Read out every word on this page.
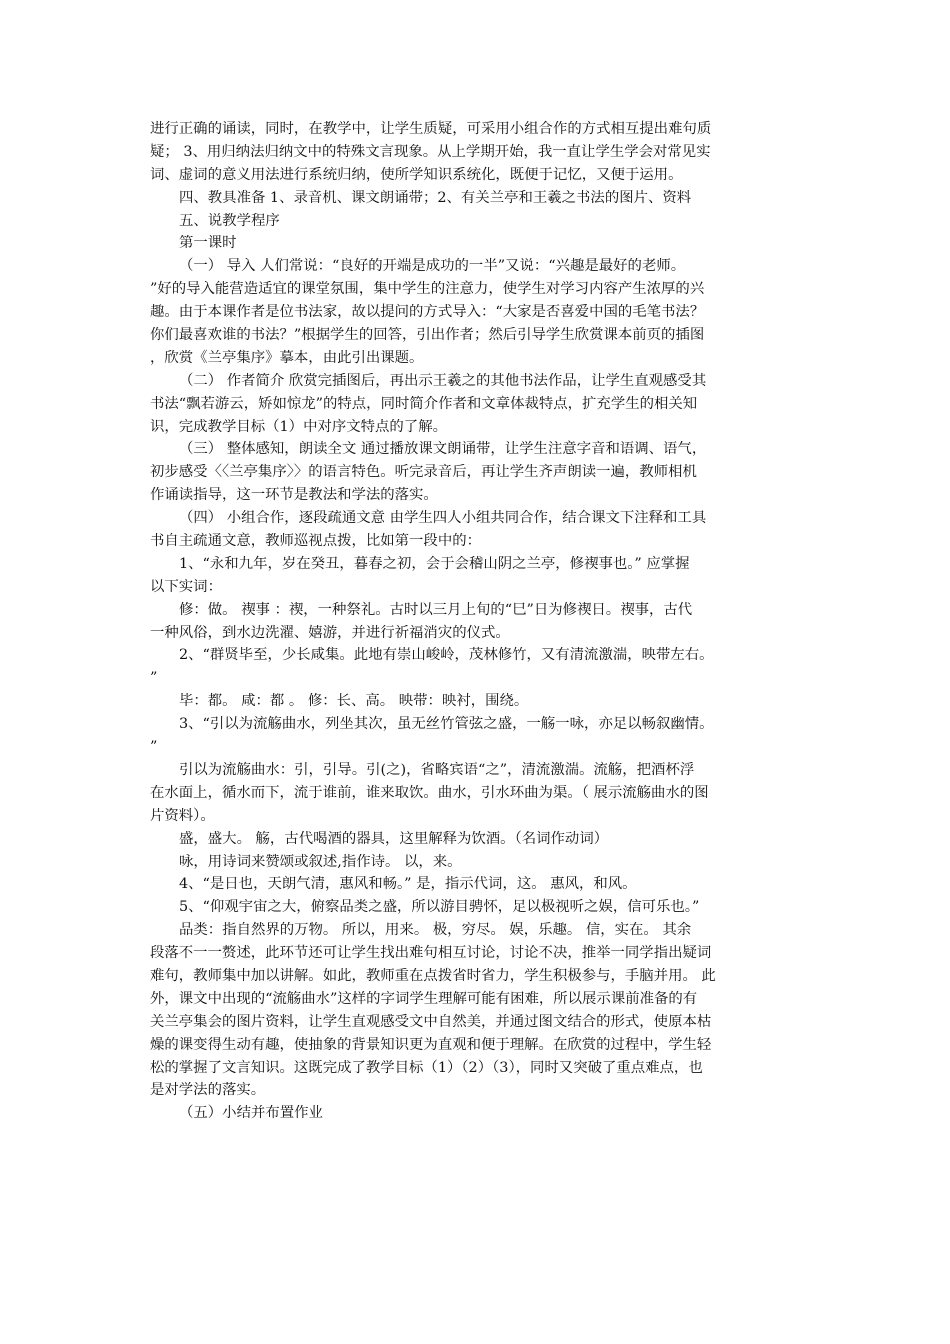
进行正确的诵读，同时，在教学中，让学生质疑，可采用小组合作的方式相互提出难句质
疑； 3、用归纳法归纳文中的特殊文言现象。从上学期开始，我一直让学生学会对常见实
词、虚词的意义用法进行系统归纳，使所学知识系统化，既便于记忆，又便于运用。
四、教具准备 1、录音机、课文朗诵带；2、有关兰亭和王羲之书法的图片、资料
五、说教学程序
第一课时
（一） 导入 人们常说：“良好的开端是成功的一半”又说：“兴趣是最好的老师。
”好的导入能营造适宜的课堂氛围，集中学生的注意力，使学生对学习内容产生浓厚的兴
趣。由于本课作者是位书法家，故以提问的方式导入：“大家是否喜爱中国的毛笔书法？
你们最喜欢谁的书法？”根据学生的回答，引出作者；然后引导学生欣赏课本前页的插图
，欣赏《兰亭集序》摹本，由此引出课题。
（二） 作者简介 欣赏完插图后，再出示王羲之的其他书法作品，让学生直观感受其
书法“飘若游云，矫如惊龙”的特点，同时简介作者和文章体裁特点，扩充学生的相关知
识，完成教学目标（1）中对序文特点的了解。
（三） 整体感知，朗读全文 通过播放课文朗诵带，让学生注意字音和语调、语气，
初步感受〈〈兰亭集序〉〉的语言特色。听完录音后，再让学生齐声朗读一遍，教师相机
作诵读指导，这一环节是教法和学法的落实。
（四） 小组合作，逐段疏通文意 由学生四人小组共同合作，结合课文下注释和工具
书自主疏通文意，教师巡视点拨，比如第一段中的：
1、“永和九年，岁在癸丑，暮春之初，会于会稽山阴之兰亭，修禊事也。” 应掌握
以下实词：
修：做。 禊事 ：禊，一种祭礼。古时以三月上旬的“巳”日为修禊日。禊事，古代
一种风俗，到水边洗濯、嬉游，并进行祈福消灾的仪式。
2、“群贤毕至，少长咸集。此地有崇山峻岭，茂林修竹，又有清流激湍，映带左右。
”
毕：都。 咸：都 。 修：长、高。 映带：映衬，围绕。
3、“引以为流觞曲水，列坐其次，虽无丝竹管弦之盛，一觞一咏，亦足以畅叙幽情。
”
引以为流觞曲水：引，引导。引(之)，省略宾语“之”，清流激湍。流觞，把酒杯浮
在水面上，循水而下，流于谁前，谁来取饮。曲水，引水环曲为渠。（ 展示流觞曲水的图
片资料）。
盛，盛大。 觞，古代喝酒的器具，这里解释为饮酒。（名词作动词）
咏，用诗词来赞颂或叙述,指作诗。 以，来。
4、“是日也，天朗气清，惠风和畅。” 是，指示代词，这。 惠风，和风。
5、“仰观宇宙之大，俯察品类之盛，所以游目骋怀，足以极视听之娱，信可乐也。”
品类：指自然界的万物。 所以，用来。 极，穷尽。 娱，乐趣。 信，实在。 其余
段落不一一赘述，此环节还可让学生找出难句相互讨论，讨论不决，推举一同学指出疑词
难句，教师集中加以讲解。如此，教师重在点拨省时省力，学生积极参与，手脑并用。 此
外，课文中出现的“流觞曲水”这样的字词学生理解可能有困难，所以展示课前准备的有
关兰亭集会的图片资料，让学生直观感受文中自然美，并通过图文结合的形式，使原本枯
燥的课变得生动有趣，使抽象的背景知识更为直观和便于理解。在欣赏的过程中，学生轻
松的掌握了文言知识。这既完成了教学目标（1）（2）（3），同时又突破了重点难点，也
是对学法的落实。
（五）小结并布置作业
